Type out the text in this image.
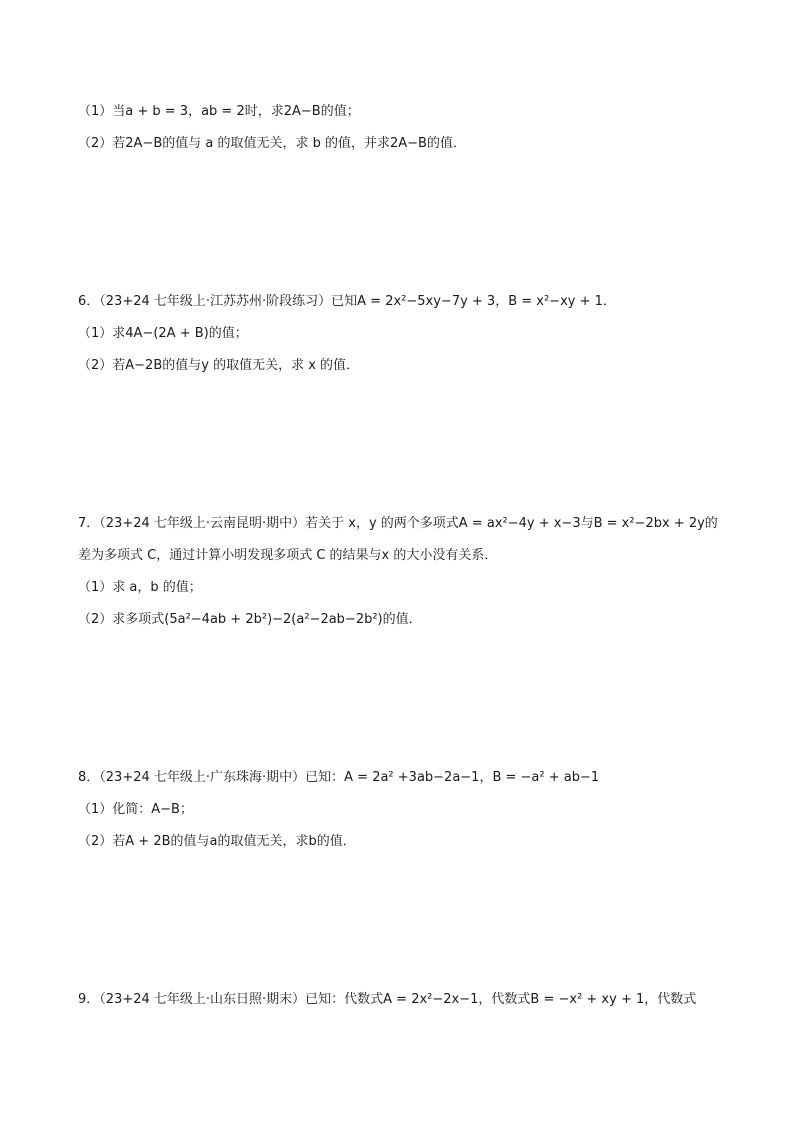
（1）当a + b = 3，ab = 2时，求2A−B的值；
（2）若2A−B的值与 a 的取值无关，求 b 的值，并求2A−B的值．
6．（23+24 七年级上·江苏苏州·阶段练习）已知A = 2x²−5xy−7y + 3，B = x²−xy + 1．
（1）求4A−(2A + B)的值；
（2）若A−2B的值与y 的取值无关，求 x 的值．
7．（23+24 七年级上·云南昆明·期中）若关于 x，y 的两个多项式A = ax²−4y + x−3与B = x²−2bx + 2y的
差为多项式 C，通过计算小明发现多项式 C 的结果与x 的大小没有关系．
（1）求 a，b 的值；
（2）求多项式(5a²−4ab + 2b²)−2(a²−2ab−2b²)的值．
8．（23+24 七年级上·广东珠海·期中）已知：A = 2a² +3ab−2a−1，B = −a² + ab−1
（1）化简：A−B；
（2）若A + 2B的值与a的取值无关，求b的值．
9．（23+24 七年级上·山东日照·期末）已知：代数式A = 2x²−2x−1，代数式B = −x² + xy + 1，代数式
